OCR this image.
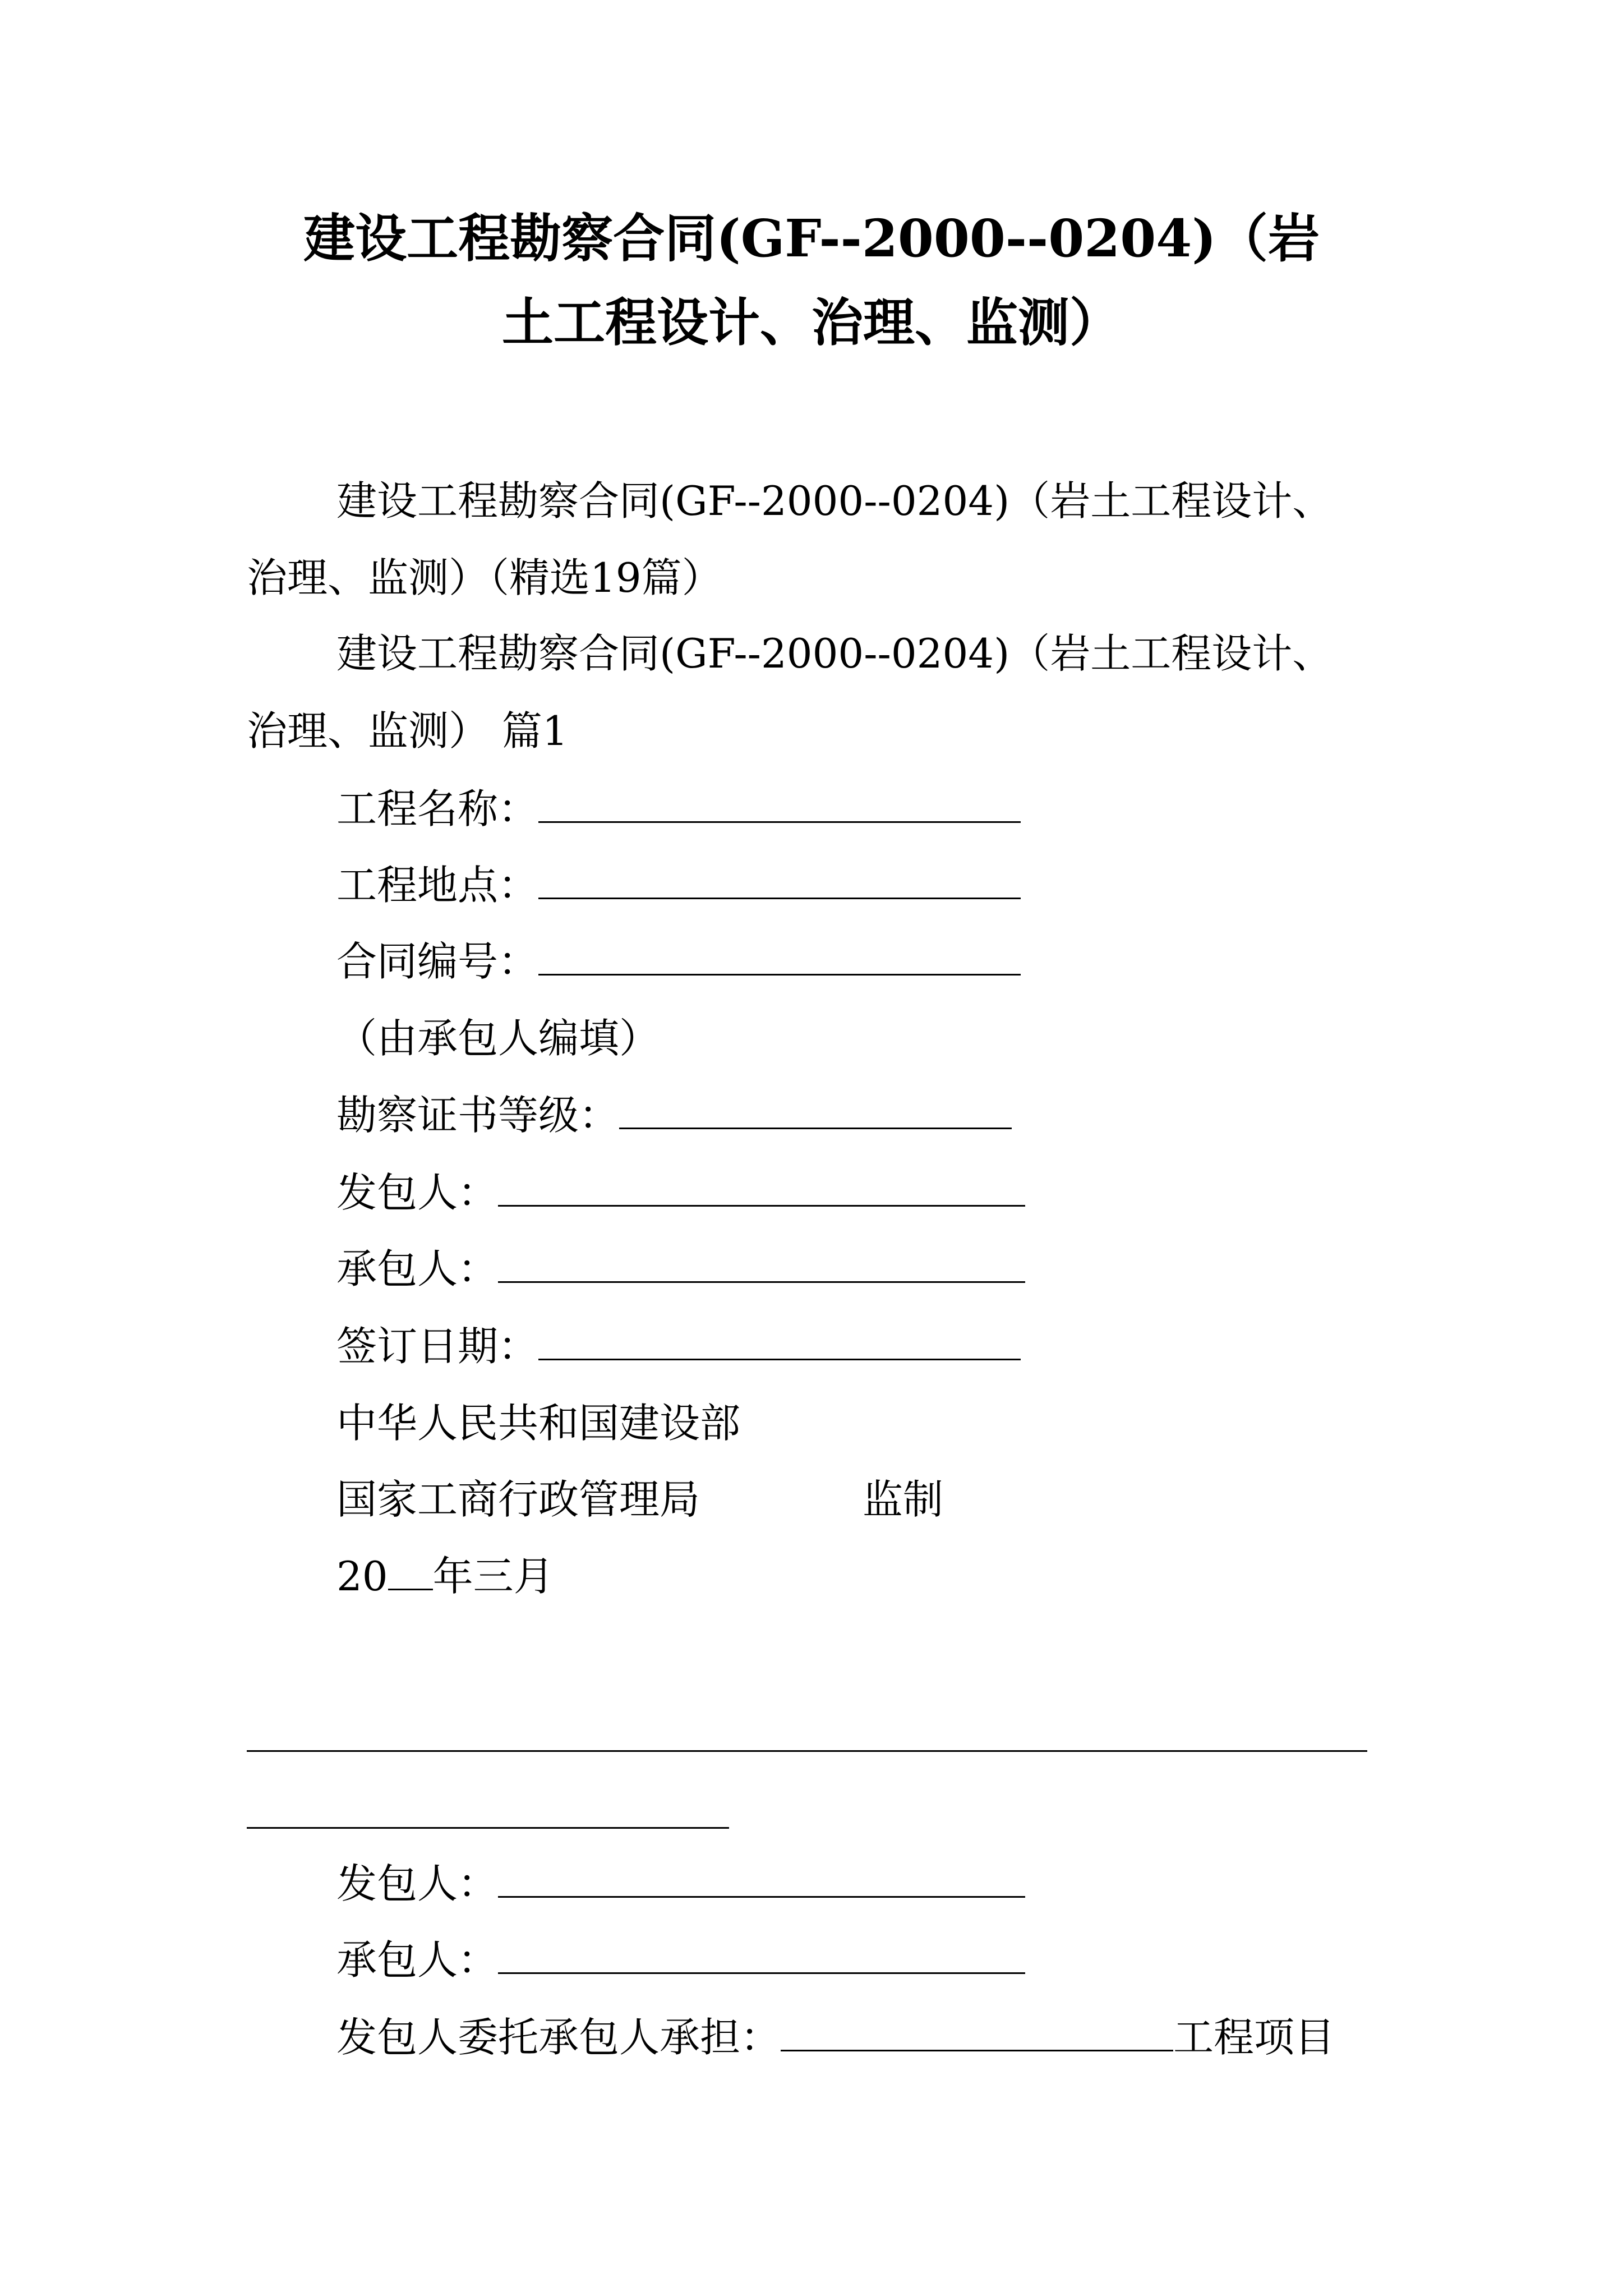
建设工程勘察合同(GF--2000--0204)（岩
土工程设计、治理、监测）
建设工程勘察合同(GF--2000--0204)（岩土工程设计、
治理、监测）（精选19篇）
建设工程勘察合同(GF--2000--0204)（岩土工程设计、
治理、监测） 篇1
工程名称：
工程地点：
合同编号：
（由承包人编填）
勘察证书等级：
发包人：
承包人：
签订日期：
中华人民共和国建设部
国家工商行政管理局	监制
20 年三月
发包人：
承包人：
发包人委托承包人承担：	工程项目
